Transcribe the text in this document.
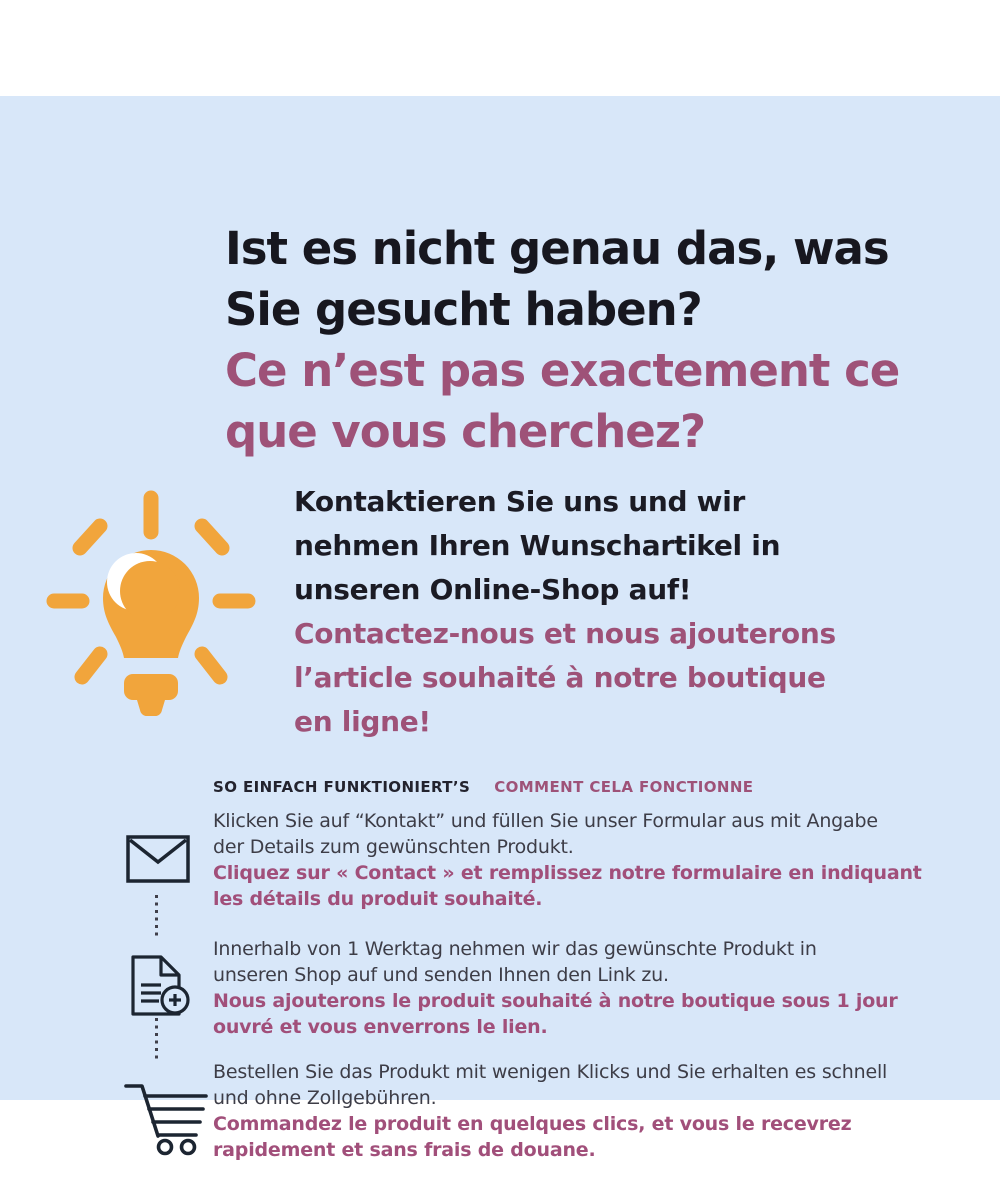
Ist es nicht genau das, was
Sie gesucht haben?
Ce n’est pas exactement ce
que vous cherchez?
Kontaktieren Sie uns und wir
nehmen Ihren Wunschartikel in
unseren Online-Shop auf!
Contactez-nous et nous ajouterons
l’article souhaité à notre boutique
en ligne!
SO EINFACH FUNKTIONIERT’S COMMENT CELA FONCTIONNE
Klicken Sie auf “Kontakt” und füllen Sie unser Formular aus mit Angabe
der Details zum gewünschten Produkt.
Cliquez sur « Contact » et remplissez notre formulaire en indiquant
les détails du produit souhaité.
Innerhalb von 1 Werktag nehmen wir das gewünschte Produkt in
unseren Shop auf und senden Ihnen den Link zu.
Nous ajouterons le produit souhaité à notre boutique sous 1 jour
ouvré et vous enverrons le lien.
Bestellen Sie das Produkt mit wenigen Klicks und Sie erhalten es schnell
und ohne Zollgebühren.
Commandez le produit en quelques clics, et vous le recevrez
rapidement et sans frais de douane.
